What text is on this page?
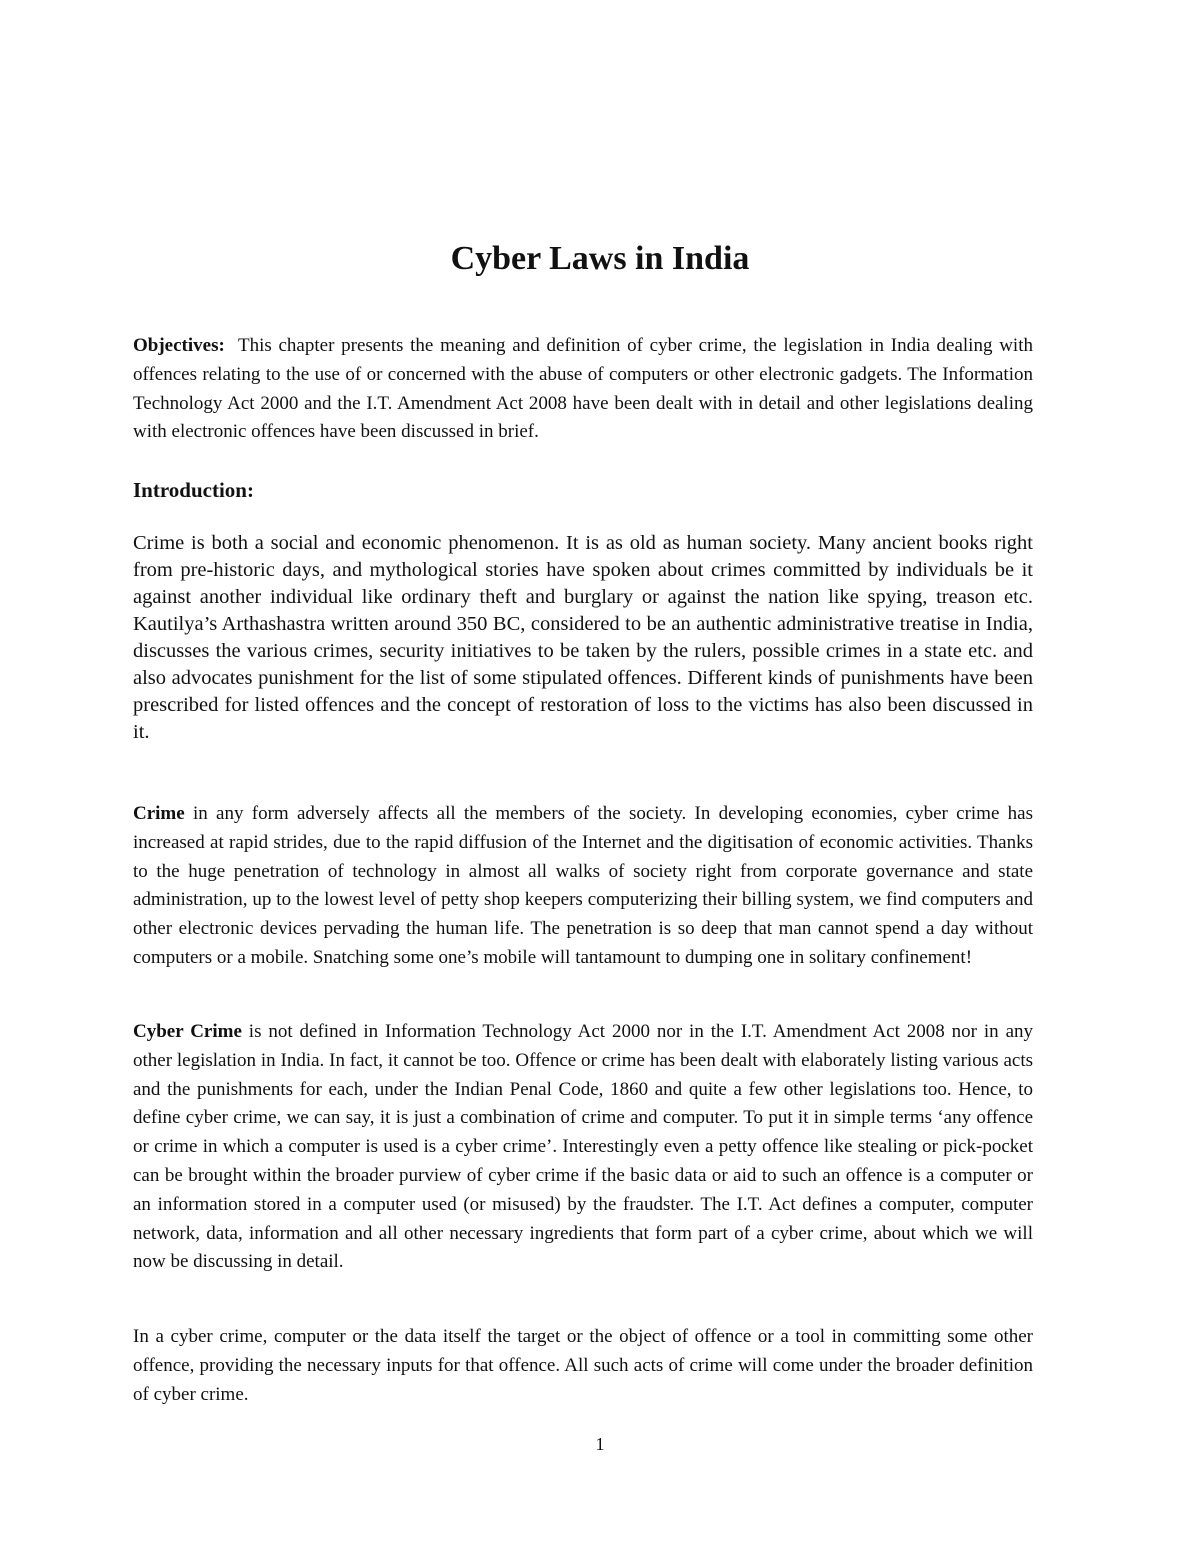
Cyber Laws in India

Objectives: This chapter presents the meaning and definition of cyber crime, the legislation in India dealing with offences relating to the use of or concerned with the abuse of computers or other electronic gadgets. The Information Technology Act 2000 and the I.T. Amendment Act 2008 have been dealt with in detail and other legislations dealing with electronic offences have been discussed in brief.

Introduction:

Crime is both a social and economic phenomenon. It is as old as human society. Many ancient books right from pre-historic days, and mythological stories have spoken about crimes committed by individuals be it against another individual like ordinary theft and burglary or against the nation like spying, treason etc. Kautilya’s Arthashastra written around 350 BC, considered to be an authentic administrative treatise in India, discusses the various crimes, security initiatives to be taken by the rulers, possible crimes in a state etc. and also advocates punishment for the list of some stipulated offences. Different kinds of punishments have been prescribed for listed offences and the concept of restoration of loss to the victims has also been discussed in it.

Crime in any form adversely affects all the members of the society. In developing economies, cyber crime has increased at rapid strides, due to the rapid diffusion of the Internet and the digitisation of economic activities. Thanks to the huge penetration of technology in almost all walks of society right from corporate governance and state administration, up to the lowest level of petty shop keepers computerizing their billing system, we find computers and other electronic devices pervading the human life. The penetration is so deep that man cannot spend a day without computers or a mobile. Snatching some one’s mobile will tantamount to dumping one in solitary confinement!

Cyber Crime is not defined in Information Technology Act 2000 nor in the I.T. Amendment Act 2008 nor in any other legislation in India. In fact, it cannot be too. Offence or crime has been dealt with elaborately listing various acts and the punishments for each, under the Indian Penal Code, 1860 and quite a few other legislations too. Hence, to define cyber crime, we can say, it is just a combination of crime and computer. To put it in simple terms ‘any offence or crime in which a computer is used is a cyber crime’. Interestingly even a petty offence like stealing or pick-pocket can be brought within the broader purview of cyber crime if the basic data or aid to such an offence is a computer or an information stored in a computer used (or misused) by the fraudster. The I.T. Act defines a computer, computer network, data, information and all other necessary ingredients that form part of a cyber crime, about which we will now be discussing in detail.

In a cyber crime, computer or the data itself the target or the object of offence or a tool in committing some other offence, providing the necessary inputs for that offence. All such acts of crime will come under the broader definition of cyber crime.

1
